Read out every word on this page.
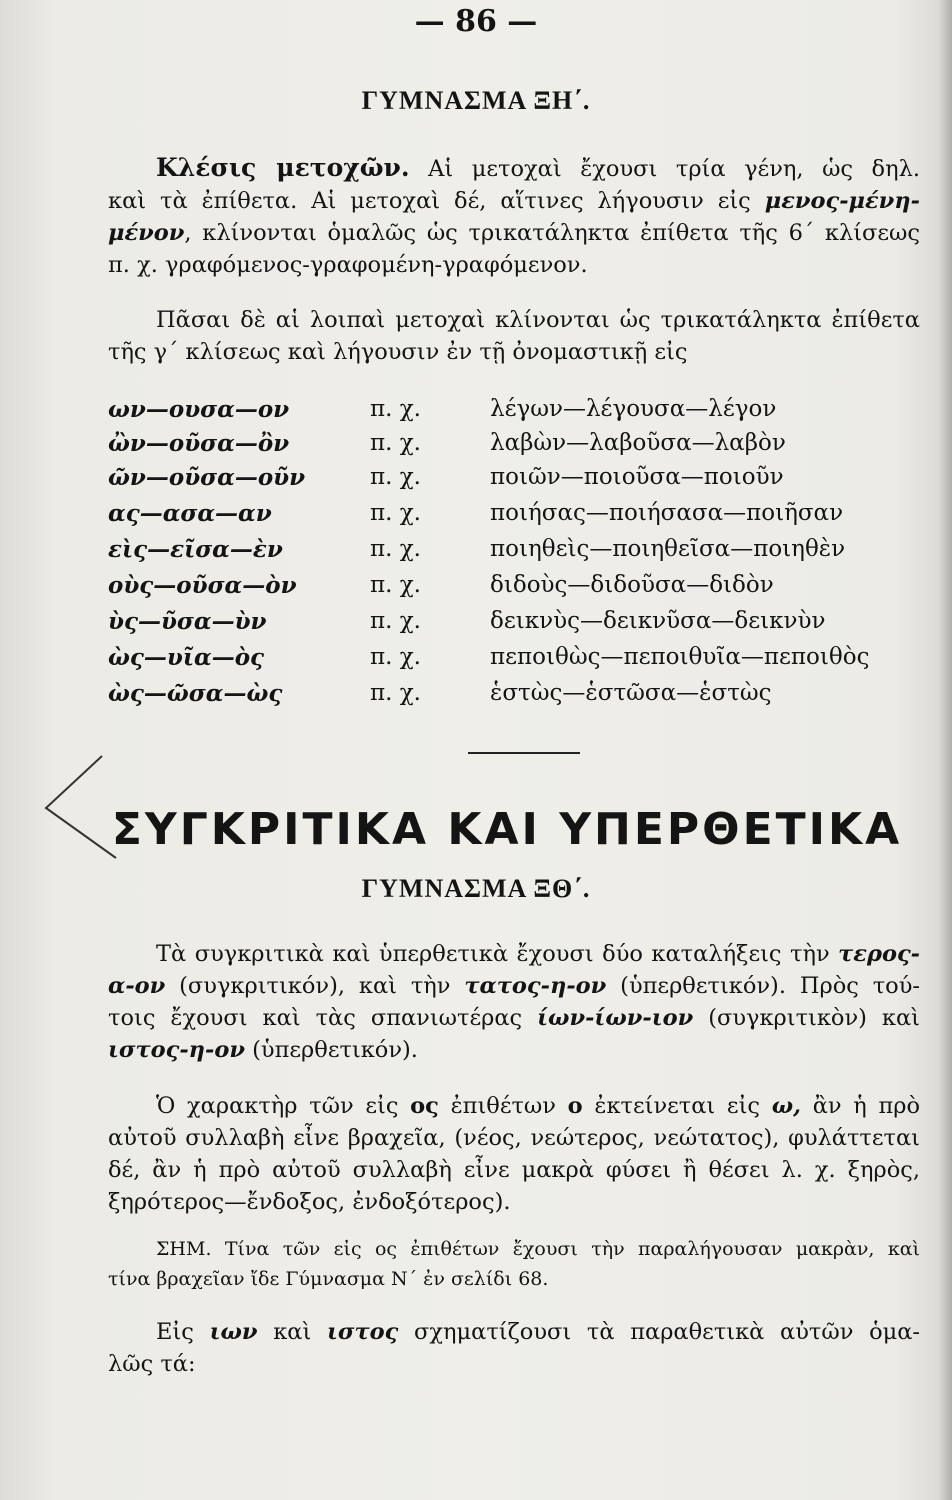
— 86 —
ΓΥΜΝΑΣΜΑ ΞΗ΄.
Κλέσις μετοχῶν. Αἱ μετοχαὶ ἔχουσι τρία γένη, ὡς δηλ.
καὶ τὰ ἐπίθετα. Αἱ μετοχαὶ δέ, αἵτινες λήγουσιν εἰς μενος-μένη-
μένον, κλίνονται ὁμαλῶς ὡς τρικατάληκτα ἐπίθετα τῆς 6΄ κλίσεως
π. χ. γραφόμενος-γραφομένη-γραφόμενον.
Πᾶσαι δὲ αἱ λοιπαὶ μετοχαὶ κλίνονται ὡς τρικατάληκτα ἐπίθετα
τῆς γ΄ κλίσεως καὶ λήγουσιν ἐν τῇ ὀνομαστικῇ εἰς
ων—ουσα—ον	π. χ.	λέγων—λέγουσα—λέγον
ὢν—οῦσα—ὂν	π. χ.	λαβὼν—λαβοῦσα—λαβὸν
ῶν—οῦσα—οῦν	π. χ.	ποιῶν—ποιοῦσα—ποιοῦν
ας—ασα—αν	π. χ.	ποιήσας—ποιήσασα—ποιῆσαν
εὶς—εῖσα—ὲν	π. χ.	ποιηθεὶς—ποιηθεῖσα—ποιηθὲν
οὺς—οῦσα—ὸν	π. χ.	διδοὺς—διδοῦσα—διδὸν
ὺς—ῦσα—ὺν	π. χ.	δεικνὺς—δεικνῦσα—δεικνὺν
ὼς—υῖα—ὸς	π. χ.	πεποιθὼς—πεποιθυῖα—πεποιθὸς
ὼς—ῶσα—ὼς	π. χ.	ἑστὼς—ἑστῶσα—ἑστὼς
ΣΥΓΚΡΙΤΙΚΑ ΚΑΙ ΥΠΕΡΘΕΤΙΚΑ
ΓΥΜΝΑΣΜΑ ΞΘ΄.
Τὰ συγκριτικὰ καὶ ὑπερθετικὰ ἔχουσι δύο καταλήξεις τὴν τερος-
α-ον (συγκριτικόν), καὶ τὴν τατος-η-ον (ὑπερθετικόν). Πρὸς τού-
τοις ἔχουσι καὶ τὰς σπανιωτέρας ίων-ίων-ιον (συγκριτικὸν) καὶ
ιστος-η-ον (ὑπερθετικόν).
Ὁ χαρακτὴρ τῶν εἰς ος ἐπιθέτων ο ἐκτείνεται εἰς ω, ἂν ἡ πρὸ
αὐτοῦ συλλαβὴ εἶνε βραχεῖα, (νέος, νεώτερος, νεώτατος), φυλάττεται
δέ, ἂν ἡ πρὸ αὐτοῦ συλλαβὴ εἶνε μακρὰ φύσει ἢ θέσει λ. χ. ξηρὸς,
ξηρότερος—ἔνδοξος, ἐνδοξότερος).
ΣΗΜ. Τίνα τῶν εἰς ος ἐπιθέτων ἔχουσι τὴν παραλήγουσαν μακρὰν, καὶ
τίνα βραχεῖαν ἴδε Γύμνασμα Ν΄ ἐν σελίδι 68.
Εἰς ιων καὶ ιστος σχηματίζουσι τὰ παραθετικὰ αὐτῶν ὁμα-
λῶς τά:
